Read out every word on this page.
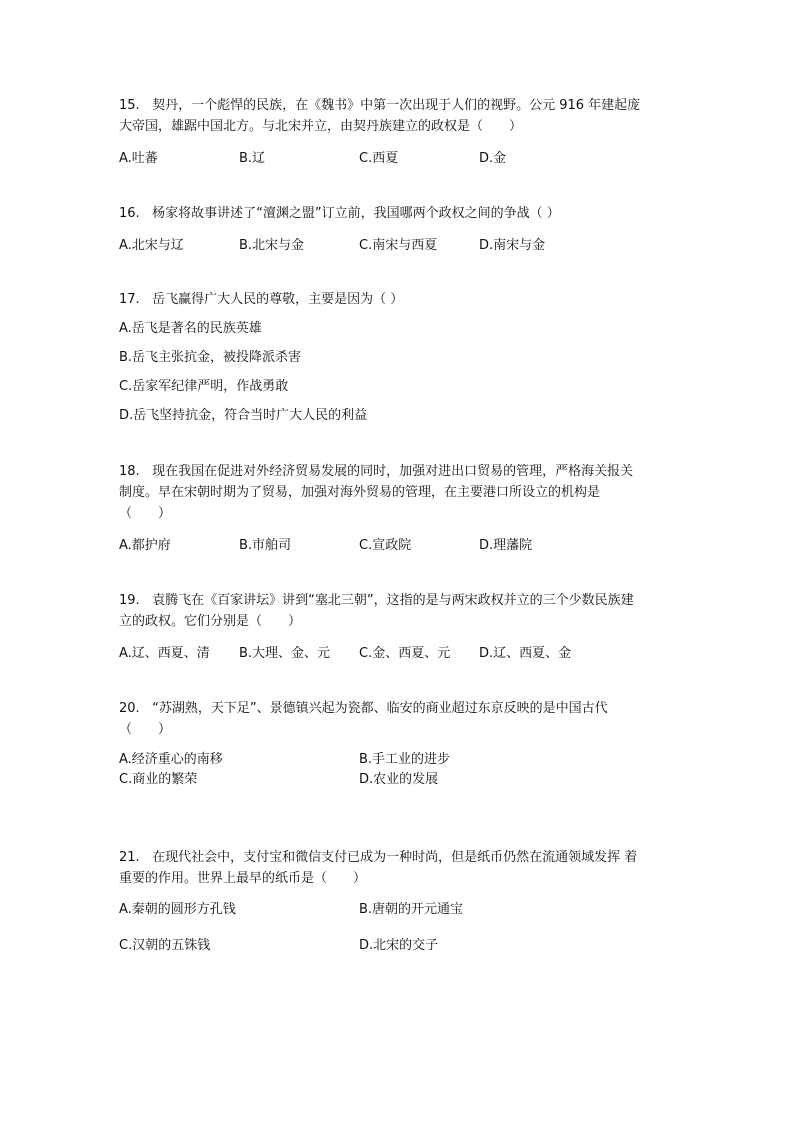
15. 契丹，一个彪悍的民族，在《魏书》中第一次出现于人们的视野。公元 916 年建起庞
大帝国，雄踞中国北方。与北宋并立，由契丹族建立的政权是（　　）
A.吐蕃	B.辽	C.西夏	D.金
16. 杨家将故事讲述了“澶渊之盟”订立前，我国哪两个政权之间的争战（ ）
A.北宋与辽	B.北宋与金	C.南宋与西夏	D.南宋与金
17. 岳飞赢得广大人民的尊敬，主要是因为（ ）
A.岳飞是著名的民族英雄
B.岳飞主张抗金，被投降派杀害
C.岳家军纪律严明，作战勇敢
D.岳飞坚持抗金，符合当时广大人民的利益
18. 现在我国在促进对外经济贸易发展的同时，加强对进出口贸易的管理，严格海关报关
制度。早在宋朝时期为了贸易，加强对海外贸易的管理，在主要港口所设立的机构是
（　　）
A.都护府	B.市舶司	C.宣政院	D.理藩院
19. 袁腾飞在《百家讲坛》讲到“塞北三朝”，这指的是与两宋政权并立的三个少数民族建
立的政权。它们分别是（　　）
A.辽、西夏、清 B.大理、金、元 C.金、西夏、元 D.辽、西夏、金
20. “苏湖熟，天下足”、景德镇兴起为瓷都、临安的商业超过东京反映的是中国古代
（　　）
A.经济重心的南移	B.手工业的进步
C.商业的繁荣	D.农业的发展
21. 在现代社会中，支付宝和微信支付已成为一种时尚，但是纸币仍然在流通领域发挥 着
重要的作用。世界上最早的纸币是（　　）
A.秦朝的圆形方孔钱	B.唐朝的开元通宝
C.汉朝的五铢钱	D.北宋的交子
